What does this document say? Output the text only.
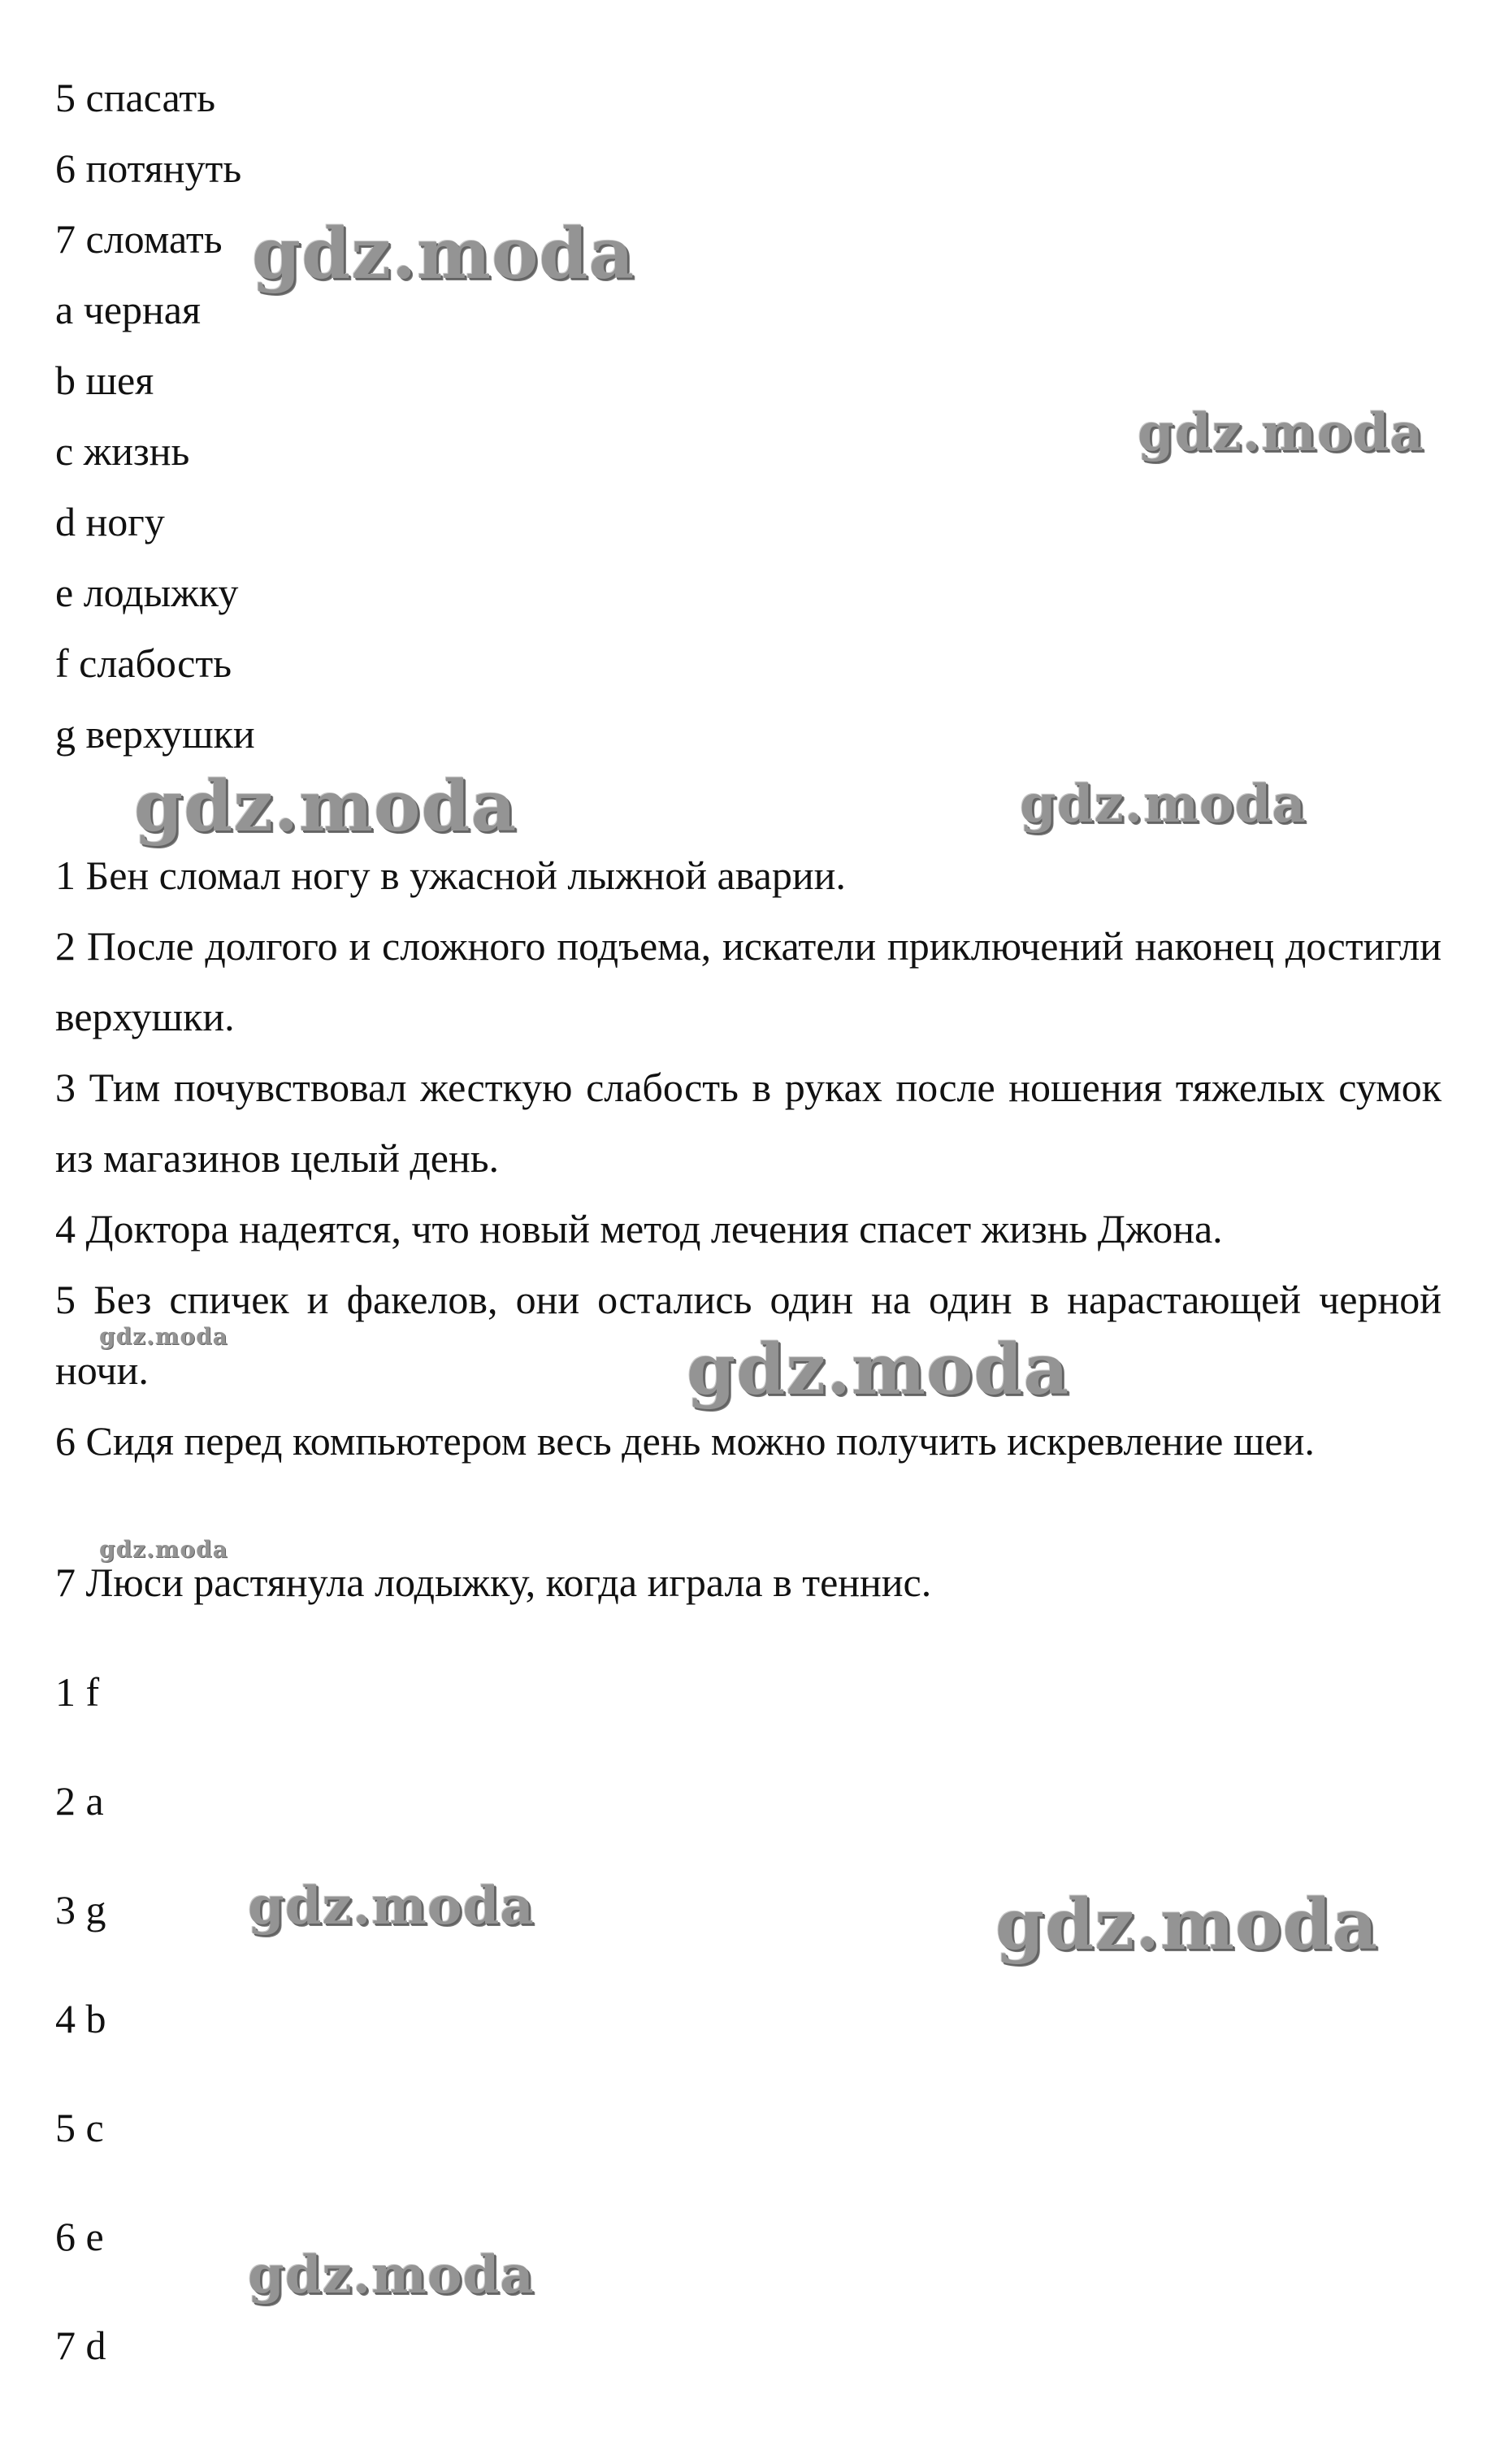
5 спасать
6 потянуть
7 сломать
a черная
b шея
c жизнь
d ногу
e лодыжку
f слабость
g верхушки
1 Бен сломал ногу в ужасной лыжной аварии.
2 После долгого и сложного подъема, искатели приключений наконец достигли верхушки.
3 Тим почувствовал жесткую слабость в руках после ношения тяжелых сумок из магазинов целый день.
4 Доктора надеятся, что новый метод лечения спасет жизнь Джона.
5 Без спичек и факелов, они остались один на один в нарастающей черной ночи.
6 Сидя перед компьютером весь день можно получить искревление шеи.
7 Люси растянула лодыжку, когда играла в теннис.
1 f
2 a
3 g
4 b
5 c
6 e
7 d
gdz.moda
gdz.moda
gdz.moda	gdz.moda
gdz.moda	gdz.moda
gdz.moda
gdz.moda	gdz.moda
gdz.moda
